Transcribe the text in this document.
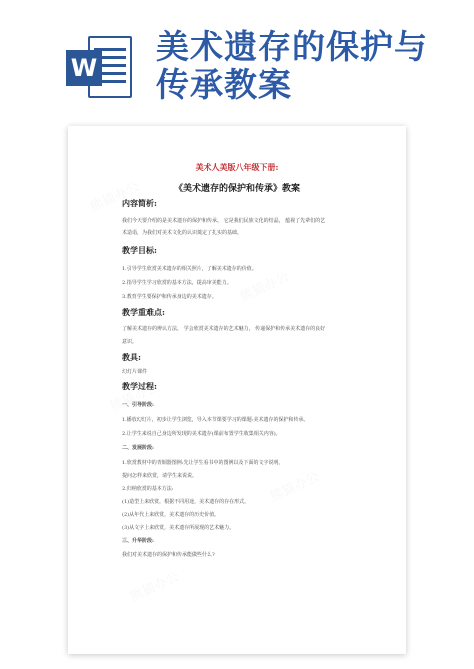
W
美术遗存的保护与
传承教案
美术人美版八年级下册:
《美术遗存的保护和传承》教案
内容简析:
我们今天要介绍的是美术遗存的保护和传承。 它是我们民族文化的结晶， 蕴视了先辈们的艺
术造诣，为我们对美术文化的认识奠定了扎实的基础。
教学目标:
1.引导学生欣赏美术遗存的相关照片，了解美术遗存的价值。
2.指导学生学习欣赏的基本方法，提高审美能力。
3.教育学生要保护和传承身边的美术遗存。
教学重难点:
了解美术遗存的辨认方法， 学会欣赏美术遗存的艺术魅力， 传递保护和传承美术遗存的良好
意识。
教具:
幻灯片课件
教学过程:
一、引导阶段:
1.播放幻灯片，初步让学生浏览，导入本节课要学习的课题:美术遗存的保护和传承。
2.让学生来说自己身边所发现的美术遗存(课前布置学生收集相关内容)。
二、发展阶段:
1.欣赏教材中的青铜器图例:先让学生看书中的图例以及下面的文字说明。
提问怎样来欣赏，请学生来说说。
2.归纳欣赏的基本方法:
(1)造型上来欣赏，根据不同用途，美术遗存的存在形式。
(2)从年代上来欣赏，美术遗存的历史价值。
(3)从文字上来欣赏，美术遗存所展现的艺术魅力。
三、升华阶段:
我们对美术遗存的保护和传承能做些什么?
